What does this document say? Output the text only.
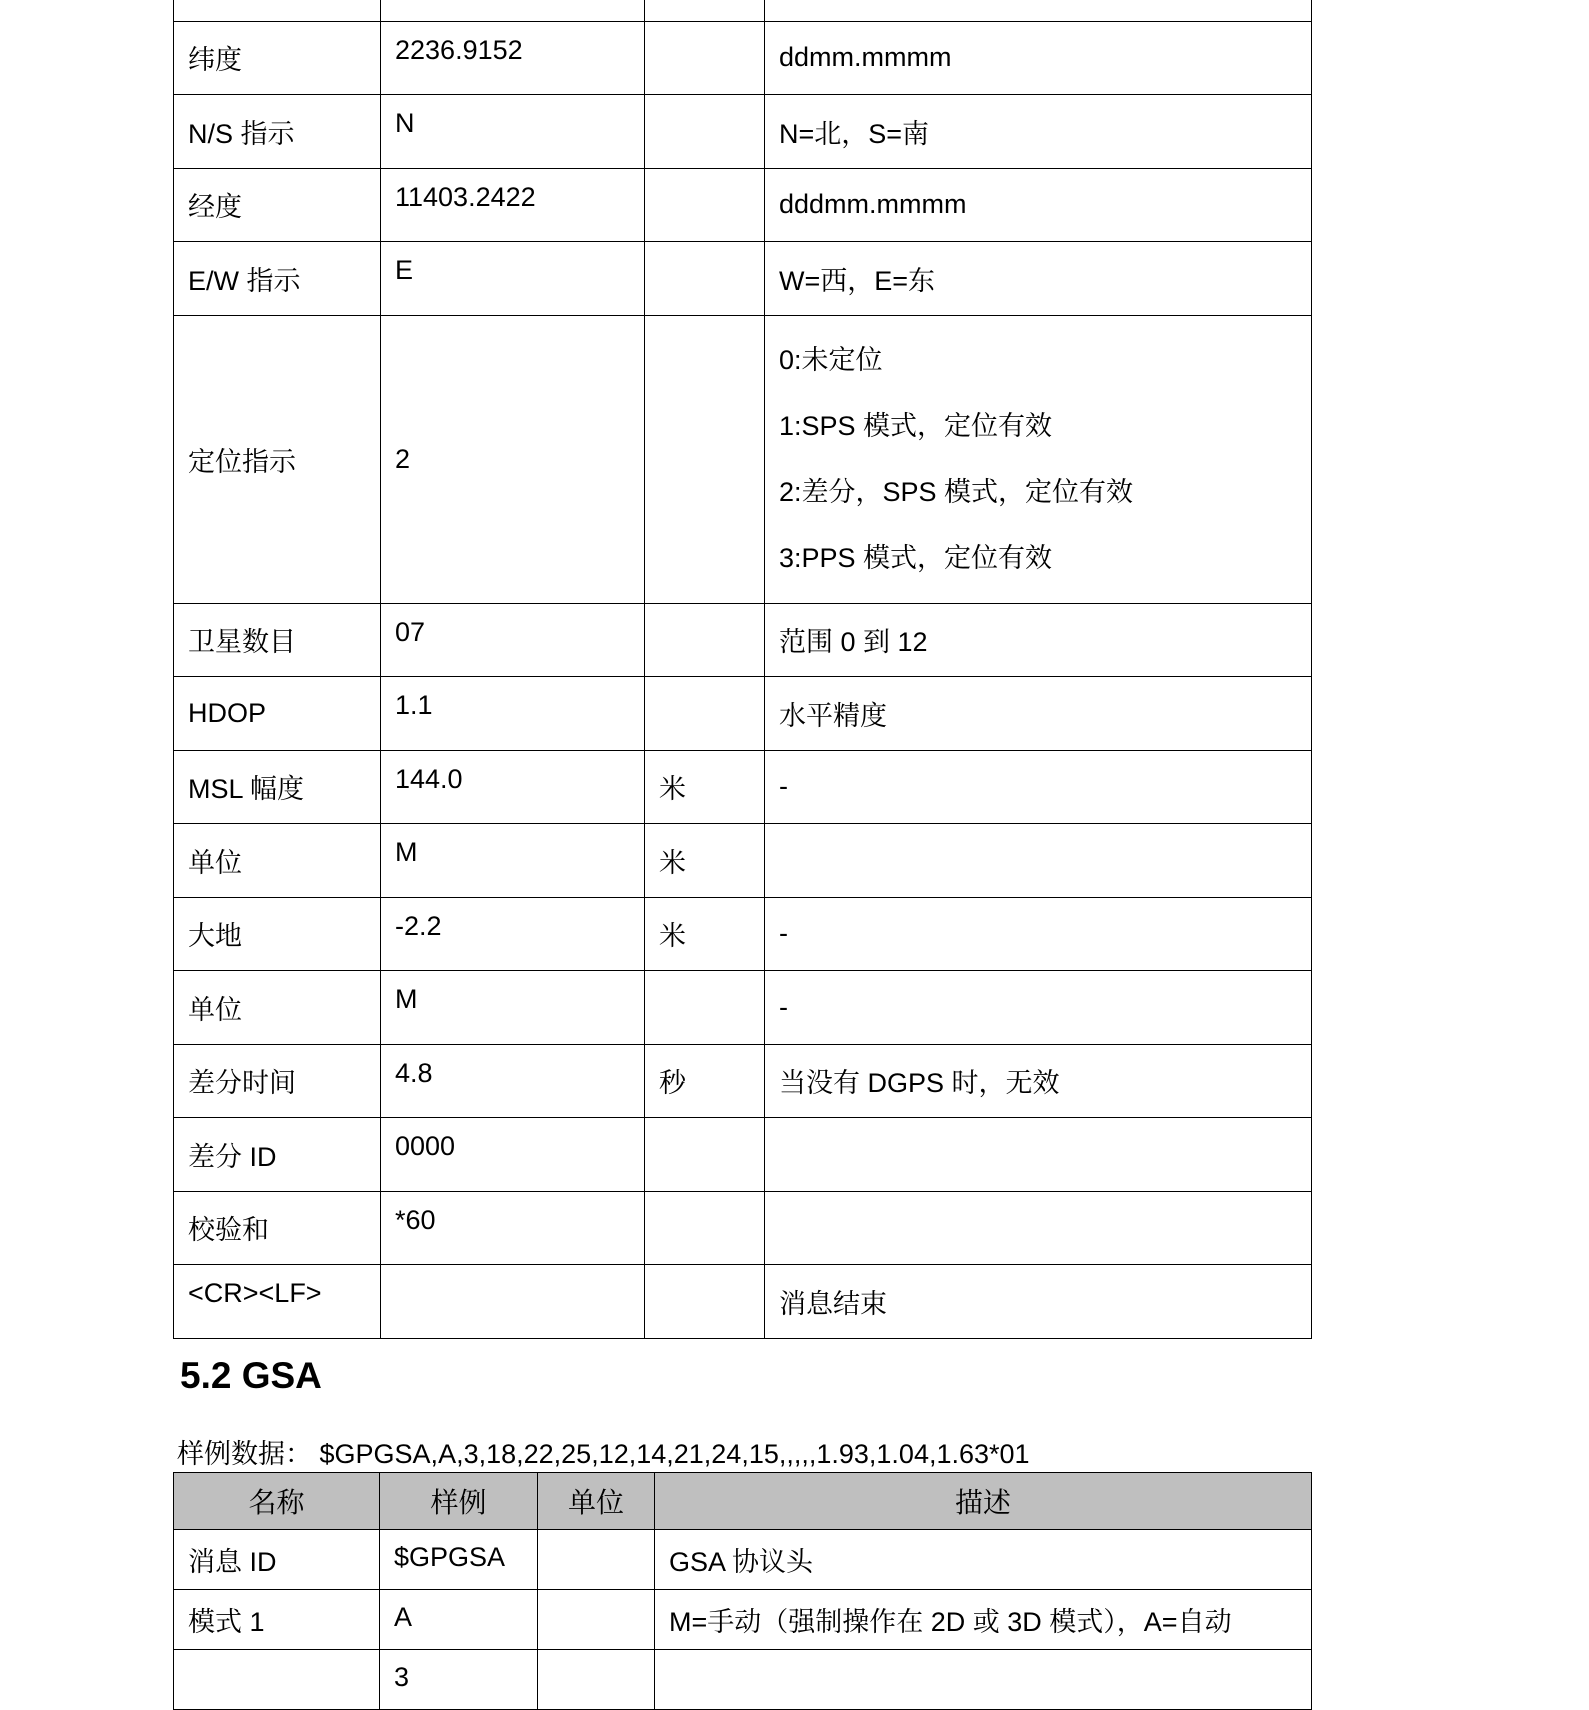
纬度	2236.9152		ddmm.mmmm
N/S 指示	N		N=北，S=南
经度	11403.2422		dddmm.mmmm
E/W 指示	E		W=西，E=东
定位指示	2		0:未定位
1:SPS 模式，定位有效
2:差分，SPS 模式，定位有效
3:PPS 模式，定位有效

卫星数目	07		范围 0 到 12
HDOP	1.1		水平精度
MSL 幅度	144.0	米	-
单位	M	米	
大地	-2.2	米	-
单位	M		-
差分时间	4.8	秒	当没有 DGPS 时，无效
差分 ID	0000		
校验和	*60		
<CR><LF>			消息结束
5.2 GSA
样例数据： $GPGSA,A,3,18,22,25,12,14,21,24,15,,,,,1.93,1.04,1.63*01
名称	样例	单位	描述
消息 ID	$GPGSA		GSA 协议头
模式 1	A		M=手动（强制操作在 2D 或 3D 模式），A=自动
	3		
